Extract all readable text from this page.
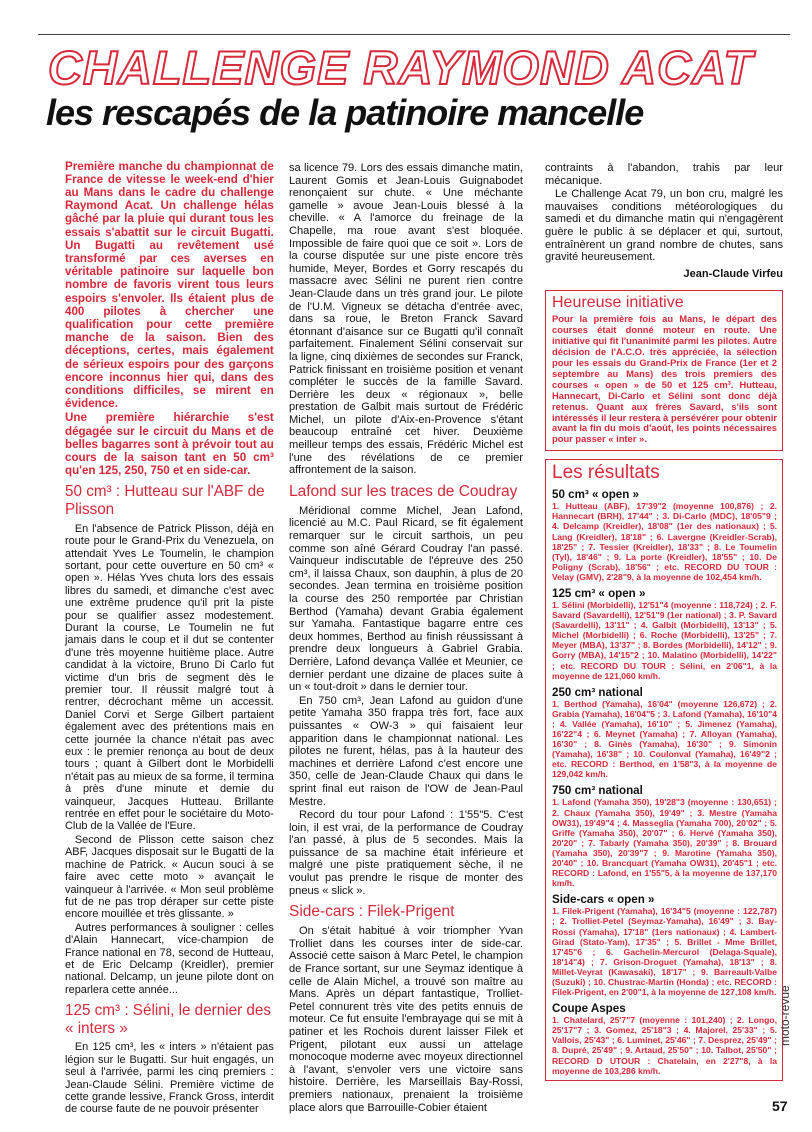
CHALLENGE RAYMOND ACAT
les rescapés de la patinoire mancelle

Première manche du championnat de France de vitesse le week-end d'hier au Mans dans le cadre du challenge Raymond Acat. Un challenge hélas gâché par la pluie qui durant tous les essais s'abattit sur le circuit Bugatti. Un Bugatti au revêtement usé transformé par ces averses en véritable patinoire sur laquelle bon nombre de favoris virent tous leurs espoirs s'envoler. Ils étaient plus de 400 pilotes à chercher une qualification pour cette première manche de la saison. Bien des déceptions, certes, mais également de sérieux espoirs pour des garçons encore inconnus hier qui, dans des conditions difficiles, se mirent en évidence.

Une première hiérarchie s'est dégagée sur le circuit du Mans et de belles bagarres sont à prévoir tout au cours de la saison tant en 50 cm³ qu'en 125, 250, 750 et en side-car.

50 cm³ : Hutteau sur l'ABF de Plisson

En l'absence de Patrick Plisson, déjà en route pour le Grand-Prix du Venezuela, on attendait Yves Le Toumelin, le champion sortant, pour cette ouverture en 50 cm³ « open ». Hélas Yves chuta lors des essais libres du samedi, et dimanche c'est avec une extrême prudence qu'il prit la piste pour se qualifier assez modestement. Durant la course, Le Toumelin ne fut jamais dans le coup et il dut se contenter d'une très moyenne huitième place. Autre candidat à la victoire, Bruno Di Carlo fut victime d'un bris de segment dès le premier tour. Il réussit malgré tout à rentrer, décrochant même un accessit. Daniel Corvi et Serge Gilbert partaient également avec des prétentions mais en cette journée la chance n'était pas avec eux : le premier renonça au bout de deux tours ; quant à Gilbert dont le Morbidelli n'était pas au mieux de sa forme, il termina à près d'une minute et demie du vainqueur, Jacques Hutteau. Brillante rentrée en effet pour le sociétaire du Moto-Club de la Vallée de l'Eure.

Second de Plisson cette saison chez ABF, Jacques disposait sur le Bugatti de la machine de Patrick. « Aucun souci à se faire avec cette moto » avançait le vainqueur à l'arrivée. « Mon seul problème fut de ne pas trop déraper sur cette piste encore mouillée et très glissante. »

Autres performances à souligner : celles d'Alain Hannecart, vice-champion de France national en 78, second de Hutteau, et de Eric Delcamp (Kreidler), premier national. Delcamp, un jeune pilote dont on reparlera cette année...

125 cm³ : Sélini, le dernier des « inters »

En 125 cm³, les « inters » n'étaient pas légion sur le Bugatti. Sur huit engagés, un seul à l'arrivée, parmi les cinq premiers : Jean-Claude Sélini. Première victime de cette grande lessive, Franck Gross, interdit de course faute de ne pouvoir présenter

sa licence 79. Lors des essais dimanche matin, Laurent Gomis et Jean-Louis Guignabodet renonçaient sur chute. « Une méchante gamelle » avoue Jean-Louis blessé à la cheville. « A l'amorce du freinage de la Chapelle, ma roue avant s'est bloquée. Impossible de faire quoi que ce soit ». Lors de la course disputée sur une piste encore très humide, Meyer, Bordes et Gorry rescapés du massacre avec Sélini ne purent rien contre Jean-Claude dans un très grand jour. Le pilote de l'U.M. Vigneux se détacha d'entrée avec, dans sa roue, le Breton Franck Savard étonnant d'aisance sur ce Bugatti qu'il connaît parfaitement. Finalement Sélini conservait sur la ligne, cinq dixièmes de secondes sur Franck, Patrick finissant en troisième position et venant compléter le succès de la famille Savard. Derrière les deux « régionaux », belle prestation de Galbit mais surtout de Frédéric Michel, un pilote d'Aix-en-Provence s'étant beaucoup entraîné cet hiver. Deuxième meilleur temps des essais, Frédéric Michel est l'une des révélations de ce premier affrontement de la saison.

Lafond sur les traces de Coudray

Méridional comme Michel, Jean Lafond, licencié au M.C. Paul Ricard, se fit également remarquer sur le circuit sarthois, un peu comme son aîné Gérard Coudray l'an passé. Vainqueur indiscutable de l'épreuve des 250 cm³, il laissa Chaux, son dauphin, à plus de 20 secondes. Jean termina en troisième position la course des 250 remportée par Christian Berthod (Yamaha) devant Grabia également sur Yamaha. Fantastique bagarre entre ces deux hommes, Berthod au finish réussissant à prendre deux longueurs à Gabriel Grabia. Derrière, Lafond devança Vallée et Meunier, ce dernier perdant une dizaine de places suite à un « tout-droit » dans le dernier tour.

En 750 cm³, Jean Lafond au guidon d'une petite Yamaha 350 frappa très fort, face aux puissantes « OW-3 » qui faisaient leur apparition dans le championnat national. Les pilotes ne furent, hélas, pas à la hauteur des machines et derrière Lafond c'est encore une 350, celle de Jean-Claude Chaux qui dans le sprint final eut raison de l'OW de Jean-Paul Mestre.

Record du tour pour Lafond : 1'55"5. C'est loin, il est vrai, de la performance de Coudray l'an passé, à plus de 5 secondes. Mais la puissance de sa machine était inférieure et malgré une piste pratiquement sèche, il ne voulut pas prendre le risque de monter des pneus « slick ».

Side-cars : Filek-Prigent

On s'était habitué à voir triompher Yvan Trolliet dans les courses inter de side-car. Associé cette saison à Marc Petel, le champion de France sortant, sur une Seymaz identique à celle de Alain Michel, a trouvé son maître au Mans. Après un départ fantastique, Trolliet-Petel connurent très vite des petits ennuis de moteur. Ce fut ensuite l'embrayage qui se mit à patiner et les Rochois durent laisser Filek et Prigent, pilotant eux aussi un attelage monocoque moderne avec moyeux directionnel à l'avant, s'envoler vers une victoire sans histoire. Derrière, les Marseillais Bay-Rossi, premiers nationaux, prenaient la troisième place alors que Barrouille-Cobier étaient

contraints à l'abandon, trahis par leur mécanique.

Le Challenge Acat 79, un bon cru, malgré les mauvaises conditions météorologiques du samedi et du dimanche matin qui n'engagèrent guère le public à se déplacer et qui, surtout, entraînèrent un grand nombre de chutes, sans gravité heureusement.

Jean-Claude Virfeu
Heureuse initiative
Pour la première fois au Mans, le départ des courses était donné moteur en route. Une initiative qui fit l'unanimité parmi les pilotes. Autre décision de l'A.C.O. très appréciée, la sélection pour les essais du Grand-Prix de France (1er et 2 septembre au Mans) des trois premiers des courses « open » de 50 et 125 cm³. Hutteau, Hannecart, Di-Carlo et Sélini sont donc déjà retenus. Quant aux frères Savard, s'ils sont intéressés il leur restera à persévérer pour obtenir avant la fin du mois d'août, les points nécessaires pour passer « inter ».
Les résultats
50 cm³ « open »
1. Hutteau (ABF), 17'39"2 (moyenne 100,876) ; 2. Hannecart (BRH), 17'44" ; 3. Di-Carlo (MDC), 18'05"9 ; 4. Delcamp (Kreidler), 18'08" (1er des nationaux) ; 5. Lang (Kreidler), 18'18" ; 6. Lavergne (Kreidler-Scrab), 18'25" ; 7. Tessier (Kreidler), 18'33" ; 8. Le Toumelin (Tyl), 18'46" ; 9. La porte (Kreidler), 18'55" ; 10. De Poligny (Scrab), 18'56" ; etc. RECORD DU TOUR : Velay (GMV), 2'28"9, à la moyenne de 102,454 km/h.
125 cm³ « open »
1. Sélini (Morbidelli), 12'51"4 (moyenne : 118,724) ; 2. F. Savard (Savardelli), 12'51"9 (1er national) ; 3. P. Savard (Savardelli), 13'11" ; 4. Galbit (Morbidelli), 13'13" ; 5. Michel (Morbidelli) ; 6. Roche (Morbidelli), 13'25" ; 7. Meyer (MBA), 13'37" ; 8. Bordes (Morbidelli), 14'12" ; 9. Gorry (MBA), 14'15"2 ; 10. Malatino (Morbidelli), 14'22" ; etc. RECORD DU TOUR : Sélini, en 2'06"1, à la moyenne de 121,060 km/h.
250 cm³ national
1. Berthod (Yamaha), 16'04" (moyenne 126,672) ; 2. Grabia (Yamaha), 16'04"5 ; 3. Lafond (Yamaha), 16'10"4 ; 4. Vallée (Yamaha), 16'10" ; 5. Jimenez (Yamaha), 16'22"4 ; 6. Meynet (Yamaha) ; 7. Alloyan (Yamaha), 16'30" ; 8. Ginès (Yamaha), 16'30" ; 9. Simonin (Yamaha), 16'38" ; 10. Coulonval (Yamaha), 16'49"2 ; etc. RECORD : Berthod, en 1'58"3, à la moyenne de 129,042 km/h.
750 cm³ national
1. Lafond (Yamaha 350), 19'28"3 (moyenne : 130,651) ; 2. Chaux (Yamaha 350), 19'49" ; 3. Mestre (Yamaha OW31), 19'49"4 ; 4. Masseglia (Yamaha 700), 20'02" ; 5. Griffe (Yamaha 350), 20'07" ; 6. Hervé (Yamaha 350), 20'20" ; 7. Tabarly (Yamaha 350), 20'39" ; 8. Brouard (Yamaha 350), 20'39"7 ; 9. Marotine (Yamaha 350), 20'40" ; 10. Brancquart (Yamaha OW31), 20'45"1 ; etc. RECORD : Lafond, en 1'55"5, à la moyenne de 137,170 km/h.
Side-cars « open »
1. Filek-Prigent (Yamaha), 16'34"5 (moyenne : 122,787) ; 2. Trolliet-Petel (Seymaz-Yamaha), 16'49" ; 3. Bay-Rossi (Yamaha), 17'18" (1ers nationaux) ; 4. Lambert-Girad (Stato-Yam), 17'35" ; 5. Brillet - Mme Brillet, 17'45"6 ; 6. Gachelin-Mercurol (Delaga-Squale), 18'14"4) ; 7. Grison-Droguet (Yamaha), 18'13" ; 8. Millet-Veyrat (Kawasaki), 18'17" ; 9. Barreault-Valbe (Suzuki) ; 10. Chustrac-Martin (Honda) ; etc. RECORD : Filek-Prigent, en 2'00"1, à la moyenne de 127,108 km/h.
Coupe Aspes
1. Chatelard, 25'7"7 (moyenne : 101,240) ; 2. Longo, 25'17"7 ; 3. Gomez, 25'18"3 ; 4. Majorel, 25'33" ; 5. Vallois, 25'43" ; 6. Luminet, 25'46" ; 7. Desprez, 25'49" ; 8. Dupré, 25'49" ; 9. Artaud, 25'50" ; 10. Talbot, 25'50" ; RECORD D UTOUR : Chatelain, en 2'27"8, à la moyenne de 103,286 km/h.
moto-revue
57
